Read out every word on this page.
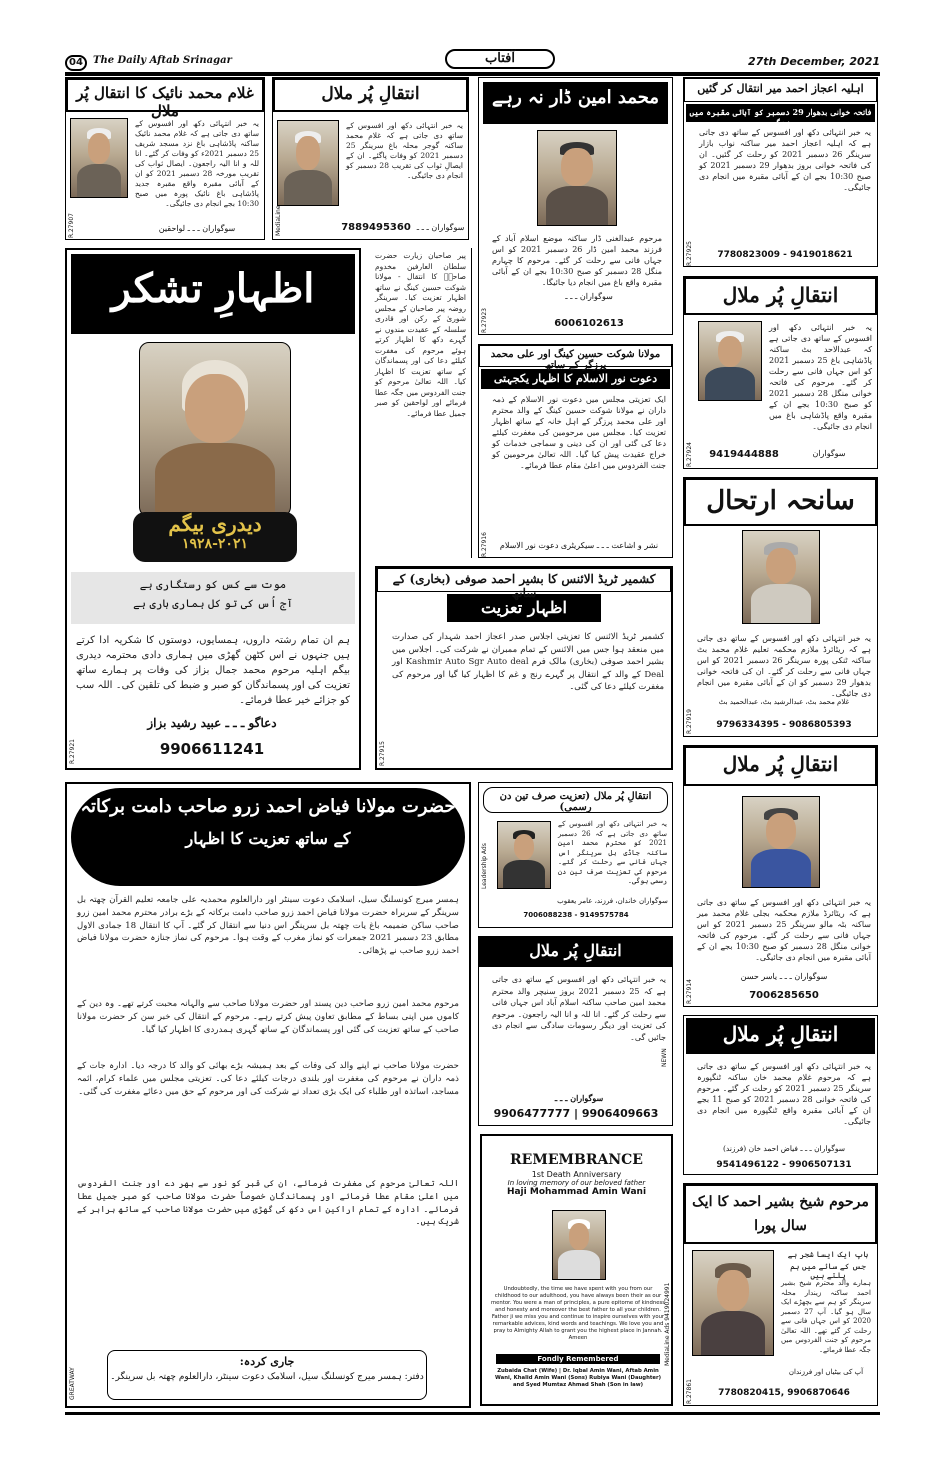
04	The Daily Aftab Srinagar	آفتاب	27th December, 2021
غلام محمد نائیک کا انتقال پُر ملال
یہ خبر انتہائی دکھ اور افسوس کے ساتھ دی جاتی ہے کہ غلام محمد نائیک ساکنہ پاڈشاہی باغ نزد مسجد شریف 25 دسمبر 2021ء کو وفات کر گئے۔ انا للہ و انا الیہ راجعون۔ ایصال ثواب کی تقریب مورخہ 28 دسمبر 2021 کو ان کے آبائی مقبرہ واقع مقبرہ جدید پاڈشاہی باغ نائیک پورہ میں صبح 10:30 بجے انجام دی جائیگی۔
سوگواران ـ ـ ـ لواحقین
R.27907
انتقالِ پُر ملال
یہ خبر انتہائی دکھ اور افسوس کے ساتھ دی جاتی ہے کہ غلام محمد ساکنہ گوجر محلہ باغ سرینگر 25 دسمبر 2021 کو وفات پاگئے۔ ان کے ایصالِ ثواب کی تقریب 28 دسمبر کو انجام دی جائیگی۔
7889495360 سوگواران ـ ـ ـ
MediaLine
محمد امین ڈار نہ رہے
مرحوم عبدالغنی ڈار ساکنہ موضع اسلام آباد کے فرزند محمد امین ڈار 26 دسمبر 2021 کو اس جہاں فانی سے رحلت کر گئے۔ مرحوم کا چہارم منگل 28 دسمبر کو صبح 10:30 بجے ان کے آبائی مقبرہ واقع باغ میں انجام دیا جائیگا۔
سوگواران ـ ـ ـ
6006102613
R.27923
اہلیہ اعجاز احمد میر انتقال کر گئیں
فاتحہ خوانی بدھوار 29 دسمبر کو آبائی مقبرہ میں ہوگی
یہ خبر انتہائی دکھ اور افسوس کے ساتھ دی جاتی ہے کہ اہلیہ اعجاز احمد میر ساکنہ نواب بازار سرینگر 26 دسمبر 2021 کو رحلت کر گئیں۔ ان کی فاتحہ خوانی بروز بدھوار 29 دسمبر 2021 کو صبح 10:30 بجے ان کے آبائی مقبرہ میں انجام دی جائیگی۔
7780823009 - 9419018621
R.27925
اظہارِ تشکر
دیدری بیگم
۱۹۲۸-۲۰۲۱
موت سے کس کو رستگاری ہے
آج اُس کی تو کل ہماری باری ہے
ہم ان تمام رشتہ داروں، ہمسایوں، دوستوں کا شکریہ ادا کرتے ہیں جنہوں نے اس کٹھن گھڑی میں ہماری دادی محترمہ دیدری بیگم اہلیہ مرحوم محمد جمال بزاز کی وفات پر ہمارے ساتھ تعزیت کی اور پسماندگان کو صبر و ضبط کی تلقین کی۔ اللہ سب کو جزائے خیر عطا فرمائے۔
دعاگو ـ ـ ـ عبید رشید بزاز
9906611241
R.27921
پیر صاحبان زیارت حضرت سلطان العارفین مخدوم صاحبؒ کا انتقال - مولانا شوکت حسین کینگ نے ساتھ اظہار تعزیت کیا۔ سرینگر روضہ پیر صاحبان کے مجلس شوریٰ کے رکن اور قادری سلسلہ کے عقیدت مندوں نے گہرے دکھ کا اظہار کرتے ہوئے مرحوم کی مغفرت کیلئے دعا کی اور پسماندگان کے ساتھ تعزیت کا اظہار کیا۔ اللہ تعالیٰ مرحوم کو جنت الفردوس میں جگہ عطا فرمائے اور لواحقین کو صبر جمیل عطا فرمائے۔
انتقالِ پُر ملال
یہ خبر انتہائی دکھ اور افسوس کے ساتھ دی جاتی ہے کہ عبدالاحد بٹ ساکنہ پاڈشاہی باغ 25 دسمبر 2021 کو اس جہاں فانی سے رحلت کر گئے۔ مرحوم کی فاتحہ خوانی منگل 28 دسمبر 2021 کو صبح 10:30 بجے ان کے مقبرہ واقع پاڈشاہی باغ میں انجام دی جائیگی۔
سوگواران
9419444888
R.27924
مولانا شوکت حسین کینگ اور علی محمد پرزگر کے ساتھ
دعوت نور الاسلام کا اظہار یکجہتی
ایک تعزیتی مجلس میں دعوت نور الاسلام کے ذمہ داران نے مولانا شوکت حسین کینگ کے والد محترم اور علی محمد پرزگر کے اہل خانہ کے ساتھ اظہار تعزیت کیا۔ مجلس میں مرحومین کی مغفرت کیلئے دعا کی گئی اور ان کی دینی و سماجی خدمات کو خراج عقیدت پیش کیا گیا۔ اللہ تعالیٰ مرحومین کو جنت الفردوس میں اعلیٰ مقام عطا فرمائے۔
نشر و اشاعت ـ ـ ـ سیکریٹری دعوت نور الاسلام
R.27916
سانحہ ارتحال
یہ خبر انتہائی دکھ اور افسوس کے ساتھ دی جاتی ہے کہ ریٹائرڈ ملازم محکمہ تعلیم غلام محمد بٹ ساکنہ ٹنکی پورہ سرینگر 26 دسمبر 2021 کو اس جہاں فانی سے رحلت کر گئے۔ ان کی فاتحہ خوانی بدھوار 29 دسمبر کو ان کے آبائی مقبرہ میں انجام دی جائیگی۔
غلام محمد بٹ، عبدالرشید بٹ، عبدالحمید بٹ
9796334395 - 9086805393
R.27919
کشمیر ٹریڈ الائنس کا بشیر احمد صوفی (بخاری) کے ساتھ
اظہار تعزیت
کشمیر ٹریڈ الائنس کا تعزیتی اجلاس صدر اعجاز احمد شہدار کی صدارت میں منعقد ہوا جس میں الائنس کے تمام ممبران نے شرکت کی۔ اجلاس میں بشیر احمد صوفی (بخاری) مالک فرم Kashmir Auto Sgr Auto deal اور Deal کے والد کے انتقال پر گہرے رنج و غم کا اظہار کیا گیا اور مرحوم کی مغفرت کیلئے دعا کی گئی۔
R.27915	انتقالِ پُر ملال
یہ خبر انتہائی دکھ اور افسوس کے ساتھ دی جاتی ہے کہ ریٹائرڈ ملازم محکمہ بجلی غلام محمد میر ساکنہ بٹہ مالو سرینگر 25 دسمبر 2021 کو اس جہاں فانی سے رحلت کر گئے۔ مرحوم کی فاتحہ خوانی منگل 28 دسمبر کو صبح 10:30 بجے ان کے آبائی مقبرہ میں انجام دی جائیگی۔
سوگواران ـ ـ ـ یاسر حسن
7006285650
R.27914
حضرت مولانا فیاض احمد زرو صاحب دامت برکاتہ
کے ساتھ تعزیت کا اظہار
ہمسر میرج کونسلنگ سیل، اسلامک دعوت سینٹر اور دارالعلوم محمدیہ علی جامعہ تعلیم القرآن چھتہ بل سرینگر کے سربراہ حضرت مولانا فیاض احمد زرو صاحب دامت برکاتہ کے بڑے برادر محترم محمد امین زرو صاحب ساکن ضمیمہ باغ یات چھتہ بل سرینگر اس دنیا سے انتقال کر گئے۔ آپ کا انتقال 18 جمادی الاول مطابق 23 دسمبر 2021 جمعرات کو نماز مغرب کے وقت ہوا۔ مرحوم کی نماز جنازہ حضرت مولانا فیاض احمد زرو صاحب نے پڑھائی۔
مرحوم محمد امین زرو صاحب دین پسند اور حضرت مولانا صاحب سے والہانہ محبت کرتے تھے۔ وہ دین کے کاموں میں اپنی بساط کے مطابق تعاون پیش کرتے رہے۔ مرحوم کے انتقال کی خبر سن کر حضرت مولانا صاحب کے ساتھ تعزیت کی گئی اور پسماندگان کے ساتھ گہری ہمدردی کا اظہار کیا گیا۔
حضرت مولانا صاحب نے اپنے والد کی وفات کے بعد ہمیشہ بڑے بھائی کو والد کا درجہ دیا۔ ادارہ جات کے ذمہ داران نے مرحوم کی مغفرت اور بلندی درجات کیلئے دعا کی۔ تعزیتی مجلس میں علماء کرام، ائمہ مساجد، اساتذہ اور طلباء کی ایک بڑی تعداد نے شرکت کی اور مرحوم کے حق میں دعائے مغفرت کی گئی۔
اللہ تعالیٰ مرحوم کی مغفرت فرمائے، ان کی قبر کو نور سے بھر دے اور جنت الفردوس میں اعلیٰ مقام عطا فرمائے اور پسماندگان خصوصاً حضرت مولانا صاحب کو صبر جمیل عطا فرمائے۔ ادارہ کے تمام اراکین اس دکھ کی گھڑی میں حضرت مولانا صاحب کے ساتھ برابر کے شریک ہیں۔
جاری کردہ:
دفتر: ہمسر میرج کونسلنگ سیل، اسلامک دعوت سینٹر، دارالعلوم چھتہ بل سرینگر۔
GREATWAY
انتقالِ پُر ملال (تعزیت صرف تین دن رسمی)
یہ خبر انتہائی دکھ اور افسوس کے ساتھ دی جاتی ہے کہ 26 دسمبر 2021 کو محترم محمد امین ساکنہ جاڈی بل سرینگر اس جہاں فانی سے رحلت کر گئے۔ مرحوم کی تعزیت صرف تین دن رسمی ہوگی۔
سوگواران خاندان، فرزند، عامر یعقوب
7006088238 - 9149575784
Leadership Ads
انتقالِ پُر ملال
یہ خبر انتہائی دکھ اور افسوس کے ساتھ دی جاتی ہے کہ 25 دسمبر 2021 بروز سنیچر والد محترم محمد امین صاحب ساکنہ اسلام آباد اس جہاں فانی سے رحلت کر گئے۔ انا للہ و انا الیہ راجعون۔ مرحوم کی تعزیت اور دیگر رسومات سادگی سے انجام دی جائیں گی۔
سوگواران ـ ـ ـ
9906477777 | 9906409663
NEWN
انتقالِ پُر ملال
یہ خبر انتہائی دکھ اور افسوس کے ساتھ دی جاتی ہے کہ مرحوم غلام محمد خان ساکنہ ٹنگپورہ سرینگر 25 دسمبر 2021 کو رحلت کر گئے۔ مرحوم کی فاتحہ خوانی 28 دسمبر 2021 کو صبح 11 بجے ان کے آبائی مقبرہ واقع ٹنگپورہ میں انجام دی جائیگی۔
سوگواران ـ ـ ـ فیاض احمد خان (فرزند)
9541496122 - 9906507131
REMEMBRANCE
1st Death Anniversary
In loving memory of our beloved father
Haji Mohammad Amin Wani
Undoubtedly, the time we have spent with you from our childhood to our adulthood, you have always been their as our mentor. You were a man of principles, a pure epitome of kindness and honesty and moreover the best father to all your children. Father ji we miss you and continue to inspire ourselves with your remarkable advices, kind words and teachings. We love you and pray to Almighty Allah to grant you the highest place in Jannah. Ameen
Fondly Remembered
Zubaida Chat (Wife) | Dr. Iqbal Amin Wani, Aftab Amin Wani, Khalid Amin Wani (Sons) Rubiya Wani (Daughter) and Syed Mumtaz Ahmad Shah (Son in law)
MediaLine Ads 9419024991
مرحوم شیخ بشیر احمد کا ایک سال پورا
باپ ایک ایسا شجر ہے
جس کے سائے میں ہم پلتے ہیں
ہمارے والد محترم شیخ بشیر احمد ساکنہ زیندار محلہ سرینگر کو ہم سے بچھڑے ایک سال ہو گیا۔ آپ 27 دسمبر 2020 کو اس جہاں فانی سے رحلت کر گئے تھے۔ اللہ تعالیٰ مرحوم کو جنت الفردوس میں جگہ عطا فرمائے۔
آپ کی بیٹیاں اور فرزندان
7780820415, 9906870646
R.27861
